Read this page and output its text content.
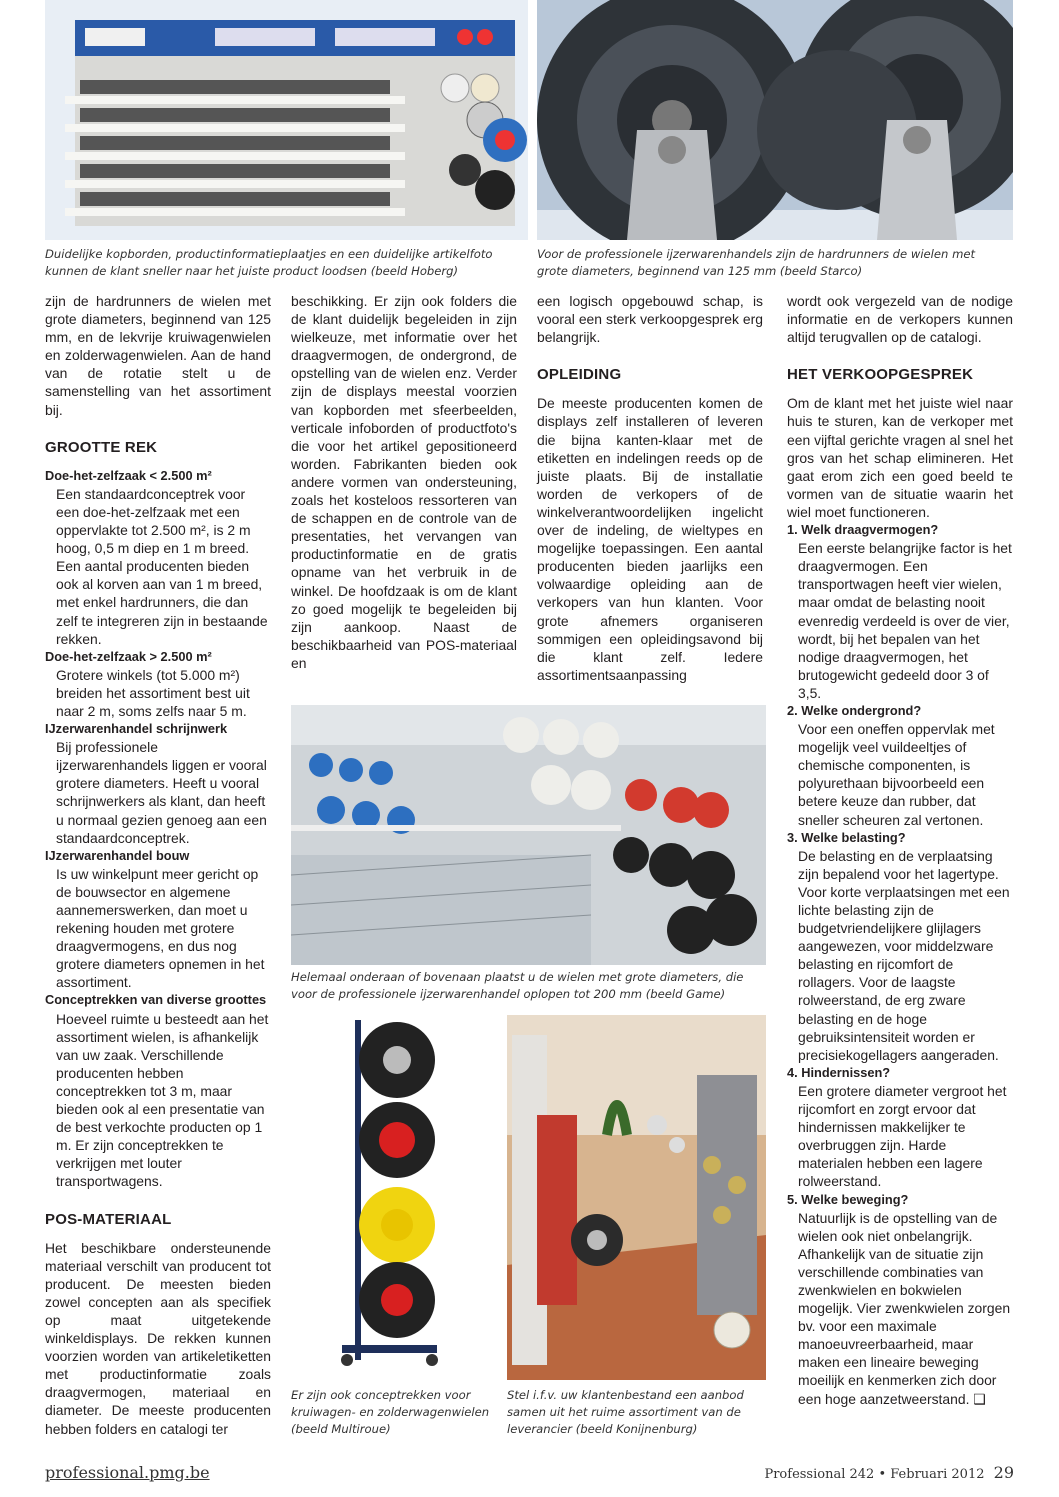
Duidelijke kopborden, productinformatieplaatjes en een duidelijke artikelfoto kunnen de klant sneller naar het juiste product loodsen (beeld Hoberg)

Voor de professionele ijzerwarenhandels zijn de hardrunners de wielen met grote diameters, beginnend van 125 mm (beeld Starco)

Helemaal onderaan of bovenaan plaatst u de wielen met grote diameters, die voor de professionele ijzerwarenhandel oplopen tot 200 mm (beeld Game)

Er zijn ook conceptrekken voor kruiwagen- en zolderwagenwielen (beeld Multiroue)

Stel i.f.v. uw klantenbestand een aanbod samen uit het ruime assortiment van de leverancier (beeld Konijnenburg)

zijn de hardrunners de wielen met grote diameters, beginnend van 125 mm, en de lekvrije kruiwagenwielen en zolderwagenwielen. Aan de hand van de rotatie stelt u de samenstelling van het assortiment bij.

GROOTTE REK
Doe-het-zelfzaak < 2.500 m²

Een standaardconceptrek voor een doe-het-zelfzaak met een oppervlakte tot 2.500 m², is 2 m hoog, 0,5 m diep en 1 m breed. Een aantal producenten bieden ook al korven aan van 1 m breed, met enkel hardrunners, die dan zelf te integreren zijn in bestaande rekken.

Doe-het-zelfzaak > 2.500 m²

Grotere winkels (tot 5.000 m²) breiden het assortiment best uit naar 2 m, soms zelfs naar 5 m.

IJzerwarenhandel schrijnwerk

Bij professionele ijzerwarenhandels liggen er vooral grotere diameters. Heeft u vooral schrijnwerkers als klant, dan heeft u normaal gezien genoeg aan een standaardconceptrek.

IJzerwarenhandel bouw

Is uw winkelpunt meer gericht op de bouwsector en algemene aannemerswerken, dan moet u rekening houden met grotere draagvermogens, en dus nog grotere diameters opnemen in het assortiment.

Conceptrekken van diverse groottes

Hoeveel ruimte u besteedt aan het assortiment wielen, is afhankelijk van uw zaak. Verschillende producenten hebben conceptrekken tot 3 m, maar bieden ook al een presentatie van de best verkochte producten op 1 m. Er zijn conceptrekken te verkrijgen met louter transportwagens.

POS-MATERIAAL

Het beschikbare ondersteunende materiaal verschilt van producent tot producent. De meesten bieden zowel concepten aan als specifiek op maat uitgetekende winkeldisplays. De rekken kunnen voorzien worden van artikeletiketten met productinformatie zoals draagvermogen, materiaal en diameter. De meeste producenten hebben folders en catalogi ter

beschikking. Er zijn ook folders die de klant duidelijk begeleiden in zijn wielkeuze, met informatie over het draagvermogen, de ondergrond, de opstelling van de wielen enz. Verder zijn de displays meestal voorzien van kopborden met sfeerbeelden, verticale infoborden of productfoto's die voor het artikel gepositioneerd worden. Fabrikanten bieden ook andere vormen van ondersteuning, zoals het kosteloos ressorteren van de schappen en de controle van de presentaties, het vervangen van productinformatie en de gratis opname van het verbruik in de winkel. De hoofdzaak is om de klant zo goed mogelijk te begeleiden bij zijn aankoop. Naast de beschikbaarheid van POS-materiaal en

een logisch opgebouwd schap, is vooral een sterk verkoopgesprek erg belangrijk.

OPLEIDING

De meeste producenten komen de displays zelf installeren of leveren die bijna kanten-klaar met de etiketten en indelingen reeds op de juiste plaats. Bij de installatie worden de verkopers of de winkelverantwoordelijken ingelicht over de indeling, de wieltypes en mogelijke toepassingen. Een aantal producenten bieden jaarlijks een volwaardige opleiding aan de verkopers van hun klanten. Voor grote afnemers organiseren sommigen een opleidingsavond bij die klant zelf. Iedere assortimentsaanpassing

wordt ook vergezeld van de nodige informatie en de verkopers kunnen altijd terugvallen op de catalogi.

HET VERKOOPGESPREK

Om de klant met het juiste wiel naar huis te sturen, kan de verkoper met een vijftal gerichte vragen al snel het gros van het schap elimineren. Het gaat erom zich een goed beeld te vormen van de situatie waarin het wiel moet functioneren.

1. Welk draagvermogen?

Een eerste belangrijke factor is het draagvermogen. Een transportwagen heeft vier wielen, maar omdat de belasting nooit evenredig verdeeld is over de vier, wordt, bij het bepalen van het nodige draagvermogen, het brutogewicht gedeeld door 3 of 3,5.

2. Welke ondergrond?

Voor een oneffen oppervlak met mogelijk veel vuildeeltjes of chemische componenten, is polyurethaan bijvoorbeeld een betere keuze dan rubber, dat sneller scheuren zal vertonen.

3. Welke belasting?

De belasting en de verplaatsing zijn bepalend voor het lagertype. Voor korte verplaatsingen met een lichte belasting zijn de budgetvriendelijkere glijlagers aangewezen, voor middelzware belasting en rijcomfort de rollagers. Voor de laagste rolweerstand, de erg zware belasting en de hoge gebruiksintensiteit worden er precisiekogellagers aangeraden.

4. Hindernissen?

Een grotere diameter vergroot het rijcomfort en zorgt ervoor dat hindernissen makkelijker te overbruggen zijn. Harde materialen hebben een lagere rolweerstand.

5. Welke beweging?

Natuurlijk is de opstelling van de wielen ook niet onbelangrijk. Afhankelijk van de situatie zijn verschillende combinaties van zwenkwielen en bokwielen mogelijk. Vier zwenkwielen zorgen bv. voor een maximale manoeuvreerbaarheid, maar maken een lineaire beweging moeilijk en kenmerken zich door een hoge aanzetweerstand. ❑

professional.pmg.be	Professional 242 • Februari 2012 29
